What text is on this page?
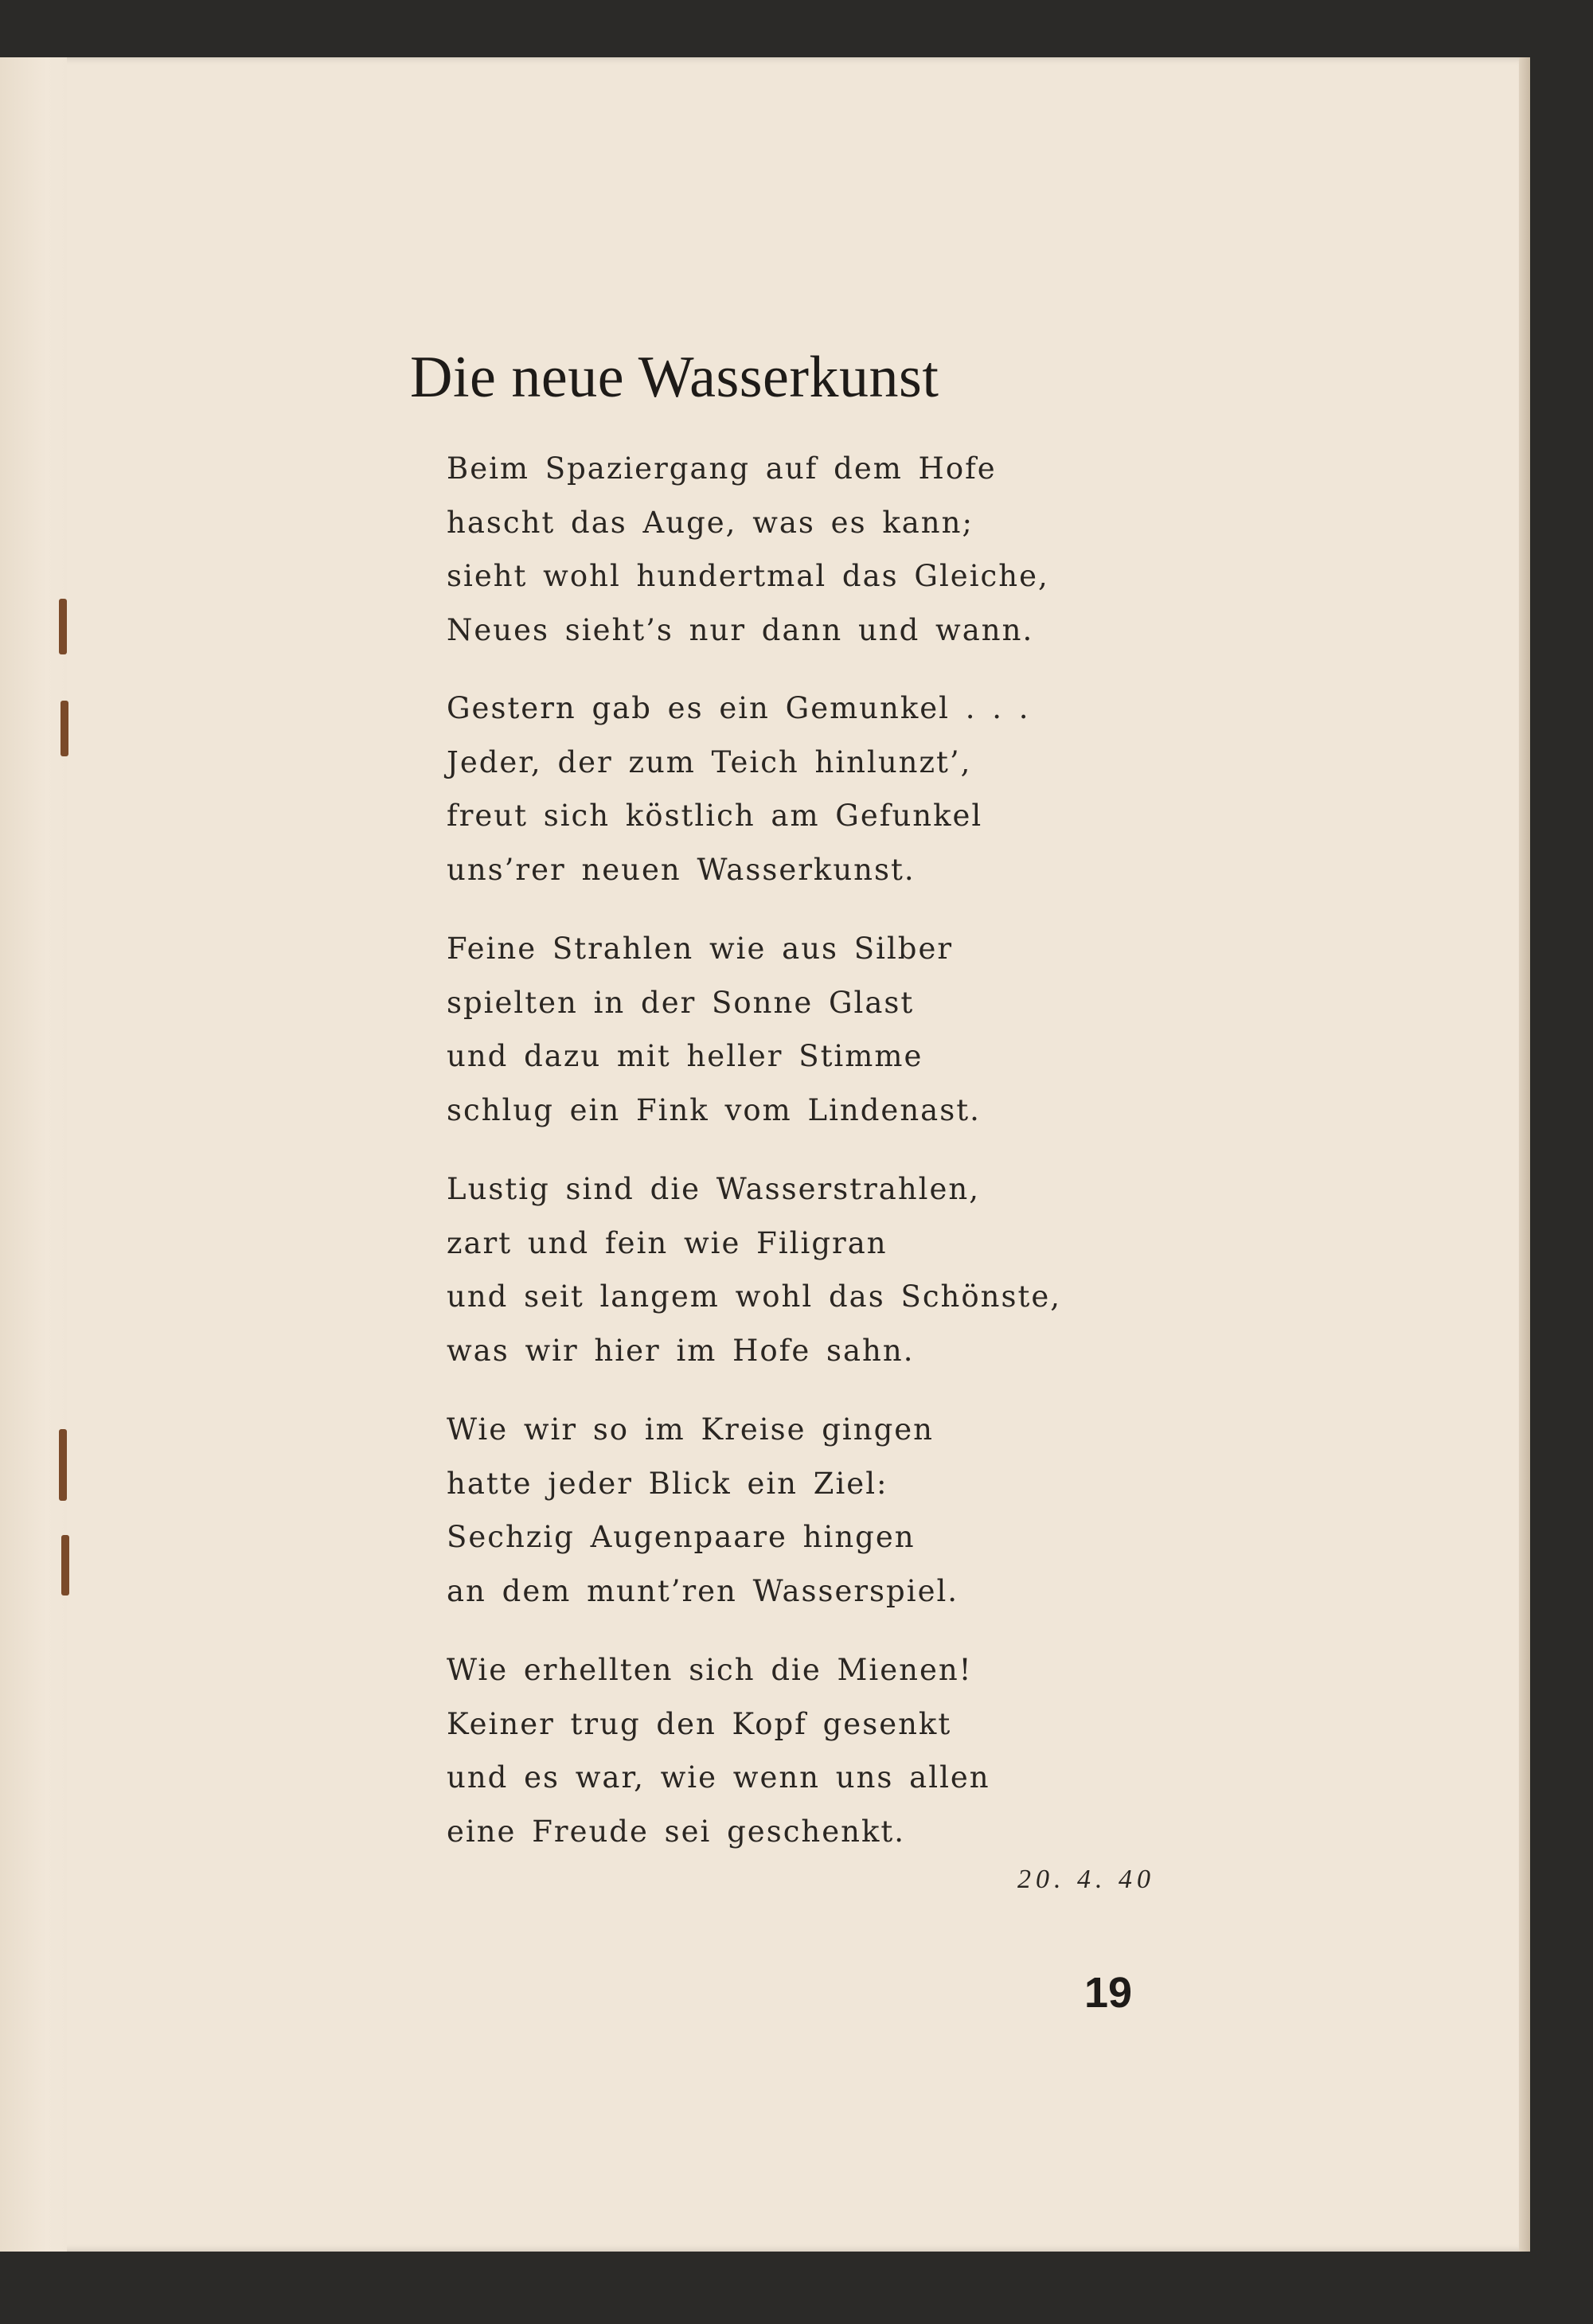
Die neue Wasserkunst
Beim Spaziergang auf dem Hofe
hascht das Auge, was es kann;
sieht wohl hundertmal das Gleiche,
Neues sieht’s nur dann und wann.
Gestern gab es ein Gemunkel . . .
Jeder, der zum Teich hinlunzt’,
freut sich köstlich am Gefunkel
uns’rer neuen Wasserkunst.
Feine Strahlen wie aus Silber
spielten in der Sonne Glast
und dazu mit heller Stimme
schlug ein Fink vom Lindenast.
Lustig sind die Wasserstrahlen,
zart und fein wie Filigran
und seit langem wohl das Schönste,
was wir hier im Hofe sahn.
Wie wir so im Kreise gingen
hatte jeder Blick ein Ziel:
Sechzig Augenpaare hingen
an dem munt’ren Wasserspiel.
Wie erhellten sich die Mienen!
Keiner trug den Kopf gesenkt
und es war, wie wenn uns allen
eine Freude sei geschenkt.
20. 4. 40
19
